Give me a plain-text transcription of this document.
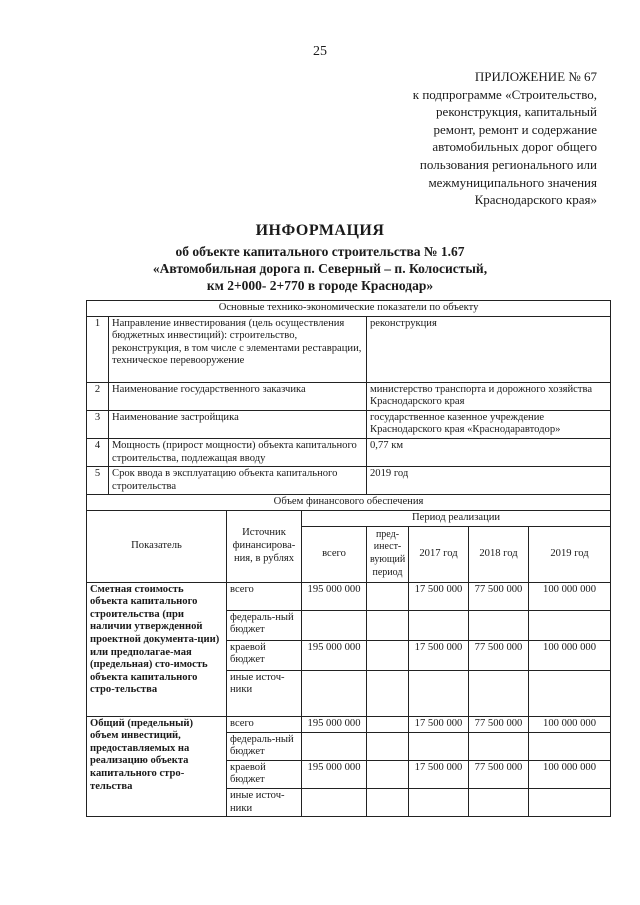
25
ПРИЛОЖЕНИЕ № 67
к подпрограмме «Строительство,
реконструкция, капитальный
ремонт, ремонт и содержание
автомобильных дорог общего
пользования регионального или
межмуниципального значения
Краснодарского края»
ИНФОРМАЦИЯ
об объекте капитального строительства № 1.67
«Автомобильная дорога п. Северный – п. Колосистый,
км 2+000- 2+770 в городе Краснодар»
Основные технико-экономические показатели по объекту							
1	Направление инвестирования (цель осуществления бюджетных инвестиций): строительство, реконструкция, в том числе с элементами реставрации, техническое перевооружение			реконструкция			
2	Наименование государственного заказчика			министерство транспорта и дорожного хозяйства Краснодарского края			
3	Наименование застройщика			государственное казенное учреждение Краснодарского края «Краснодаравтодор»			
4	Мощность (прирост мощности) объекта капитального строительства, подлежащая вводу			0,77 км			
5	Срок ввода в эксплуатацию объекта капитального строительства			2019 год			
Объем финансового обеспечения							
Показатель		Источник финансирова-ния, в рублях	Период реализации				
			всего	пред-инест-вующий период	2017 год	2018 год	2019 год
Сметная стоимость объекта капитального строительства (при наличии утвержденной проектной документа-ции) или предполагае-мая (предельная) сто-имость объекта капитального стро-тельства		всего	195 000 000		17 500 000	77 500 000	100 000 000
		федераль-ный бюджет					
		краевой бюджет	195 000 000		17 500 000	77 500 000	100 000 000
		иные источ-ники					
Общий (предельный) объем инвестиций, предоставляемых на реализацию объекта капитального стро-тельства		всего	195 000 000		17 500 000	77 500 000	100 000 000
		федераль-ный бюджет					
		краевой бюджет	195 000 000		17 500 000	77 500 000	100 000 000
		иные источ-ники					
